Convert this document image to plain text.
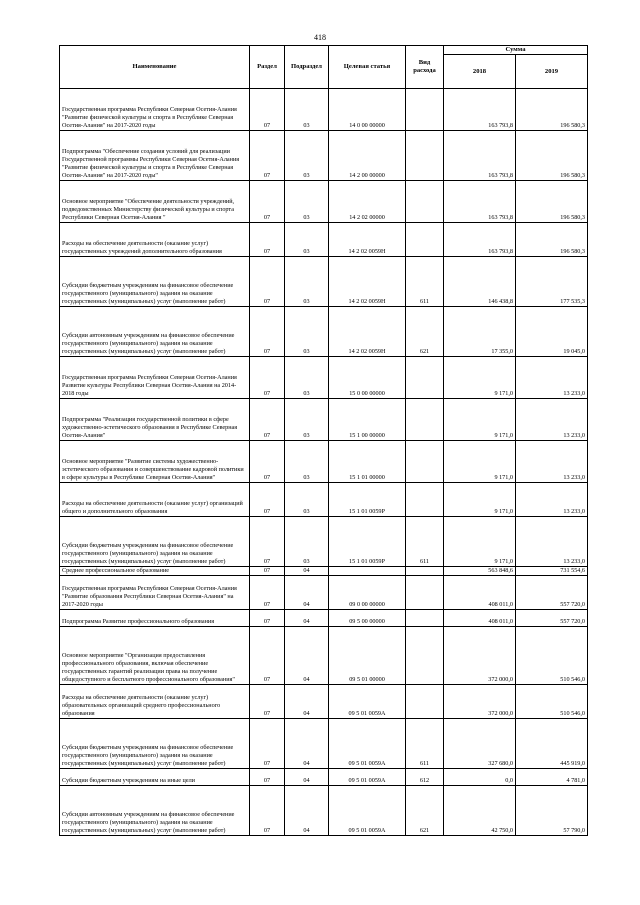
418
Наименование	Раздел	Подраздел	Целевая статья	Вид расхода	Сумма	
					2018	2019
Государственная программа Республики Северная Осетия-Алания "Развитие физической культуры и спорта в Республике Северная Осетия-Алания" на 2017-2020 годы	07	03	14 0 00 00000		163 793,8	196 580,3
Подпрограмма "Обеспечение создания условий для реализации Государственной программы Республики Северная Осетия-Алания "Развитие физической культуры и спорта в Республике Северная Осетия-Алания" на 2017-2020 годы"	07	03	14 2 00 00000		163 793,8	196 580,3
Основное мероприятие "Обеспечение деятельности учреждений, подведомственных Министерству физической культуры и спорта Республики Северная Осетия-Алания "	07	03	14 2 02 00000		163 793,8	196 580,3
Расходы на обеспечение деятельности (оказание услуг) государственных учреждений дополнительного образования	07	03	14 2 02 0059Н		163 793,8	196 580,3
Субсидии бюджетным учреждениям на финансовое обеспечение государственного (муниципального) задания на оказание государственных (муниципальных) услуг (выполнение работ)	07	03	14 2 02 0059Н	611	146 438,8	177 535,3
Субсидии автономным учреждениям на финансовое обеспечение государственного (муниципального) задания на оказание государственных (муниципальных) услуг (выполнение работ)	07	03	14 2 02 0059Н	621	17 355,0	19 045,0
Государственная программа Республики Северная Осетия-Алания Развитие культуры Республики Северная Осетия-Алания на 2014-2018 годы	07	03	15 0 00 00000		9 171,0	13 233,0
Подпрограмма "Реализация государственной политики в сфере художественно-эстетического образования в Республике Северная Осетия-Алания"	07	03	15 1 00 00000		9 171,0	13 233,0
Основное мероприятие "Развитие системы художественно-эстетического образования и совершенствование кадровой политики в сфере культуры в Республике Северная Осетия-Алания"	07	03	15 1 01 00000		9 171,0	13 233,0
Расходы на обеспечение деятельности (оказание услуг) организаций общего и дополнительного образования	07	03	15 1 01 0059Р		9 171,0	13 233,0
Субсидии бюджетным учреждениям на финансовое обеспечение государственного (муниципального) задания на оказание государственных (муниципальных) услуг (выполнение работ)	07	03	15 1 01 0059Р	611	9 171,0	13 233,0
Среднее профессиональное образование	07	04			563 848,6	731 554,6
Государственная программа Республики Северная Осетия-Алания "Развитие образования Республики Северная Осетия-Алания" на 2017-2020 годы	07	04	09 0 00 00000		408 011,0	557 720,0
Подпрограмма Развитие профессионального образования	07	04	09 5 00 00000		408 011,0	557 720,0
Основное мероприятие "Организация предоставления профессионального образования, включая обеспечение государственных гарантий реализации права на получение общедоступного и бесплатного профессионального образования"	07	04	09 5 01 00000		372 000,0	510 546,0
Расходы на обеспечение деятельности (оказание услуг) образовательных организаций среднего профессионального образования	07	04	09 5 01 0059А		372 000,0	510 546,0
Субсидии бюджетным учреждениям на финансовое обеспечение государственного (муниципального) задания на оказание государственных (муниципальных) услуг (выполнение работ)	07	04	09 5 01 0059А	611	327 680,0	445 919,0
Субсидии бюджетным учреждениям на иные цели	07	04	09 5 01 0059А	612	0,0	4 781,0
Субсидии автономным учреждениям на финансовое обеспечение государственного (муниципального) задания на оказание государственных (муниципальных) услуг (выполнение работ)	07	04	09 5 01 0059А	621	42 750,0	57 790,0
